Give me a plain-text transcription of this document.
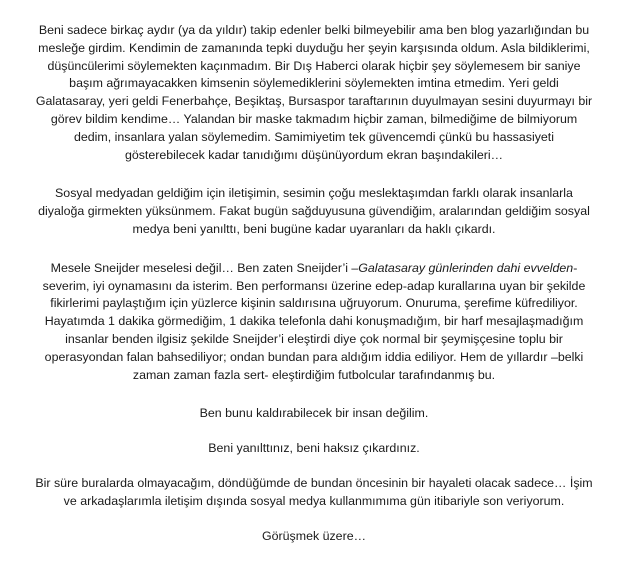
Beni sadece birkaç aydır (ya da yıldır) takip edenler belki bilmeyebilir ama ben blog yazarlığından bu
mesleğe girdim. Kendimin de zamanında tepki duyduğu her şeyin karşısında oldum. Asla bildiklerimi,
düşüncülerimi söylemekten kaçınmadım. Bir Dış Haberci olarak hiçbir şey söylemesem bir saniye
başım ağrımayacakken kimsenin söylemediklerini söylemekten imtina etmedim. Yeri geldi
Galatasaray, yeri geldi Fenerbahçe, Beşiktaş, Bursaspor taraftarının duyulmayan sesini duyurmayı bir
görev bildim kendime… Yalandan bir maske takmadım hiçbir zaman, bilmediğime de bilmiyorum
dedim, insanlara yalan söylemedim. Samimiyetim tek güvencemdi çünkü bu hassasiyeti
gösterebilecek kadar tanıdığımı düşünüyordum ekran başındakileri…

Sosyal medyadan geldiğim için iletişimin, sesimin çoğu meslektaşımdan farklı olarak insanlarla
diyaloğa girmekten yüksünmem. Fakat bugün sağduyusuna güvendiğim, aralarından geldiğim sosyal
medya beni yanılttı, beni bugüne kadar uyaranları da haklı çıkardı.

Mesele Sneijder meselesi değil… Ben zaten Sneijder’i –Galatasaray günlerinden dahi evvelden-
severim, iyi oynamasını da isterim. Ben performansı üzerine edep-adap kurallarına uyan bir şekilde
fikirlerimi paylaştığım için yüzlerce kişinin saldırısına uğruyorum. Onuruma, şerefime küfrediliyor.
Hayatımda 1 dakika görmediğim, 1 dakika telefonla dahi konuşmadığım, bir harf mesajlaşmadığım
insanlar benden ilgisiz şekilde Sneijder’i eleştirdi diye çok normal bir şeymişçesine toplu bir
operasyondan falan bahsediliyor; ondan bundan para aldığım iddia ediliyor. Hem de yıllardır –belki
zaman zaman fazla sert- eleştirdiğim futbolcular tarafındanmış bu.

Ben bunu kaldırabilecek bir insan değilim.

Beni yanılttınız, beni haksız çıkardınız.

Bir süre buralarda olmayacağım, döndüğümde de bundan öncesinin bir hayaleti olacak sadece… İşim
ve arkadaşlarımla iletişim dışında sosyal medya kullanmımıma gün itibariyle son veriyorum.

Görüşmek üzere…
